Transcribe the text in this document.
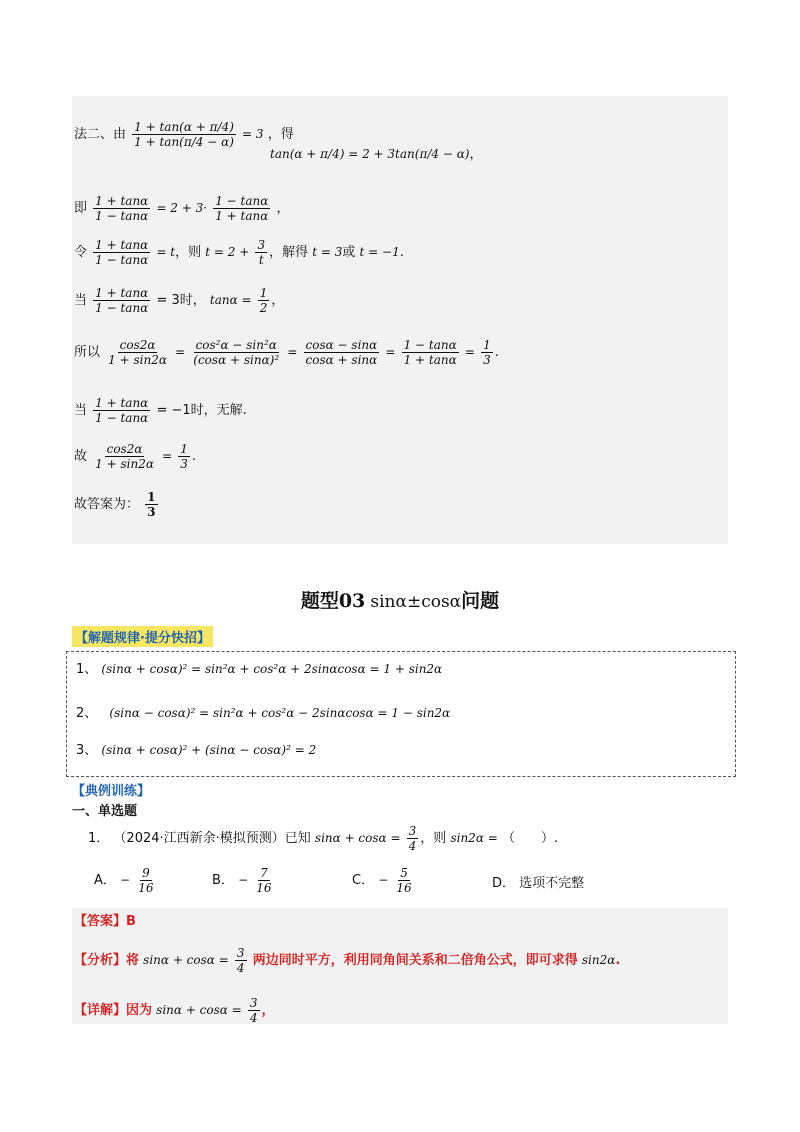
法二、由 $\frac{1 + \tan(\alpha + \pi/4)}{1 + \tan(\pi/4 - \alpha)} = 3$ ，得
tan(α + π/4) = 2 + 3tan(π/4 − α)，
即 $\frac{1 + \tan\alpha}{1 - \tan\alpha} = 2 + 3\cdot \frac{1 - \tan\alpha}{1 + \tan\alpha}$ ，
令 $\frac{1 + \tan\alpha}{1 - \tan\alpha} = t$，则 $t = 2 + \frac{3}{t}$ ，解得 t = 3或 t = −1.
当 $\frac{1 + \tan\alpha}{1 - \tan\alpha} = 3$时， $\tan\alpha = \frac{1}{2}$ ，
所以 $\frac{\cos 2\alpha}{1 + \sin 2\alpha} = \frac{\text{cos²α − sin²α}}{\text{(cosα + sinα)²}} = \frac{\cos\alpha - \sin\alpha}{\cos\alpha + \sin\alpha} = \frac{1 - \tan\alpha}{1 + \tan\alpha} = \frac{1}{3}$ .
当 $\frac{1 + \tan\alpha}{1 - \tan\alpha} = -1$时，无解.
故 $\frac{\cos 2\alpha}{1 + \sin 2\alpha} = \frac{1}{3}$ .
故答案为： $\frac{1}{3}$
题型03 sinα±cosα问题
【解题规律·提分快招】
1、 (sinα + cosα)² = sin²α + cos²α + 2sinαcosα = 1 + sin2α
2、 (sinα − cosα)² = sin²α + cos²α − 2sinαcosα = 1 − sin2α
3、 (sinα + cosα)² + (sinα − cosα)² = 2
【典例训练】
一、单选题
1． （2024·江西新余·模拟预测）已知 $\sin\alpha + \cos\alpha = \frac{3}{4}$ ，则 sin2α = （　　）.
A． − $\frac{9}{16}$	B． − $\frac{7}{16}$	C． − $\frac{5}{16}$	D． 选项不完整
【答案】B
【分析】将 $\sin\alpha + \cos\alpha = \frac{3}{4}$ 两边同时平方，利用同角间关系和二倍角公式，即可求得 sin2α.
【详解】因为 $\sin\alpha + \cos\alpha = \frac{3}{4}$ ，
